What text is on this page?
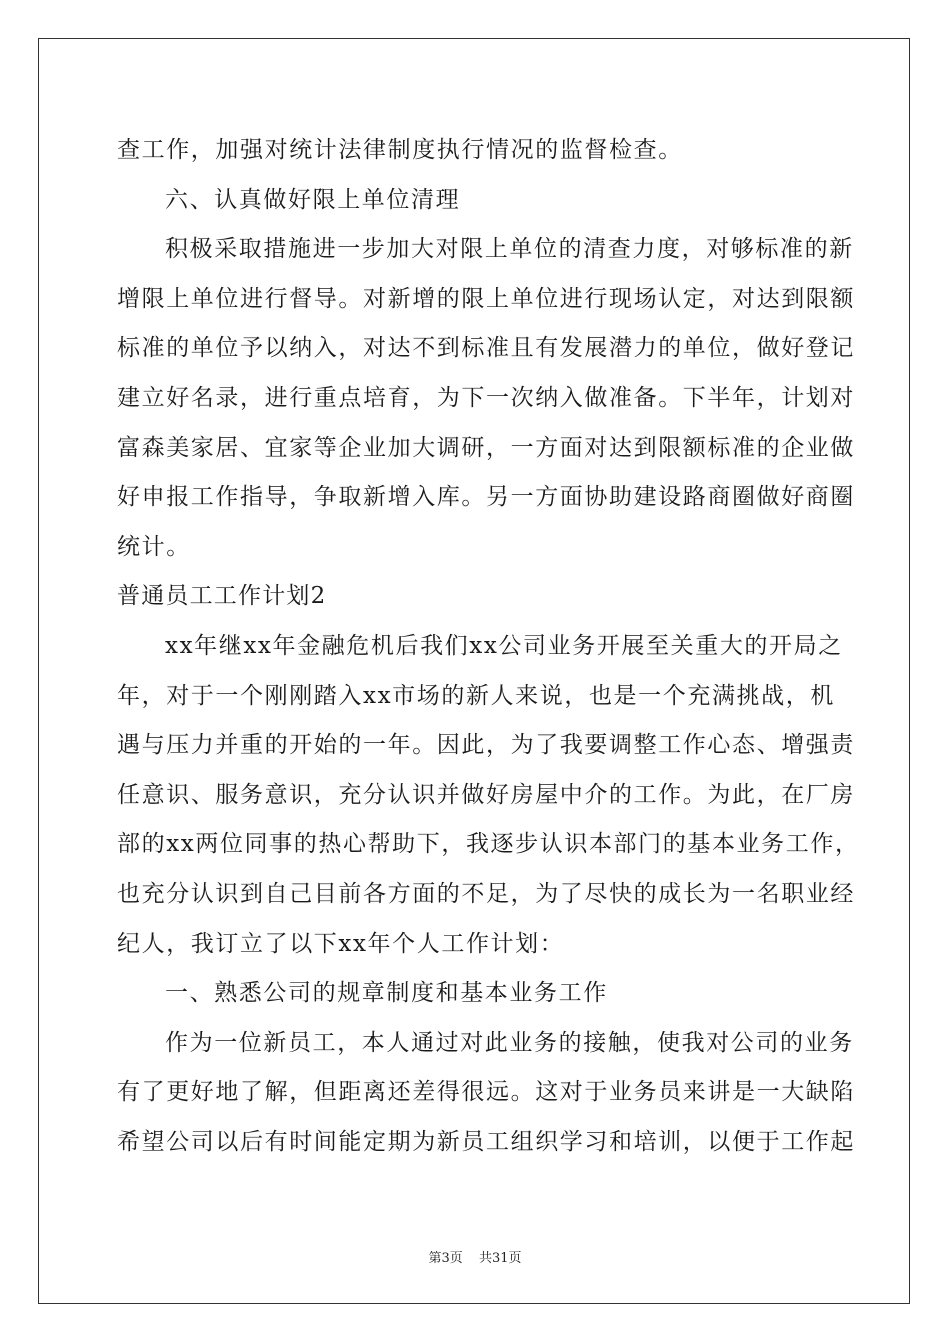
查工作，加强对统计法律制度执行情况的监督检查。
六、认真做好限上单位清理
积极采取措施进一步加大对限上单位的清查力度，对够标准的新
增限上单位进行督导。对新增的限上单位进行现场认定，对达到限额
标准的单位予以纳入，对达不到标准且有发展潜力的单位，做好登记
建立好名录，进行重点培育，为下一次纳入做准备。下半年，计划对
富森美家居、宜家等企业加大调研，一方面对达到限额标准的企业做
好申报工作指导，争取新增入库。另一方面协助建设路商圈做好商圈
统计。
普通员工工作计划2
xx年继xx年金融危机后我们xx公司业务开展至关重大的开局之
年，对于一个刚刚踏入xx市场的新人来说，也是一个充满挑战，机
遇与压力并重的开始的一年。因此，为了我要调整工作心态、增强责
任意识、服务意识，充分认识并做好房屋中介的工作。为此，在厂房
部的xx两位同事的热心帮助下，我逐步认识本部门的基本业务工作，
也充分认识到自己目前各方面的不足，为了尽快的成长为一名职业经
纪人，我订立了以下xx年个人工作计划：
一、熟悉公司的规章制度和基本业务工作
作为一位新员工，本人通过对此业务的接触，使我对公司的业务
有了更好地了解，但距离还差得很远。这对于业务员来讲是一大缺陷
希望公司以后有时间能定期为新员工组织学习和培训，以便于工作起
第3页 共31页
